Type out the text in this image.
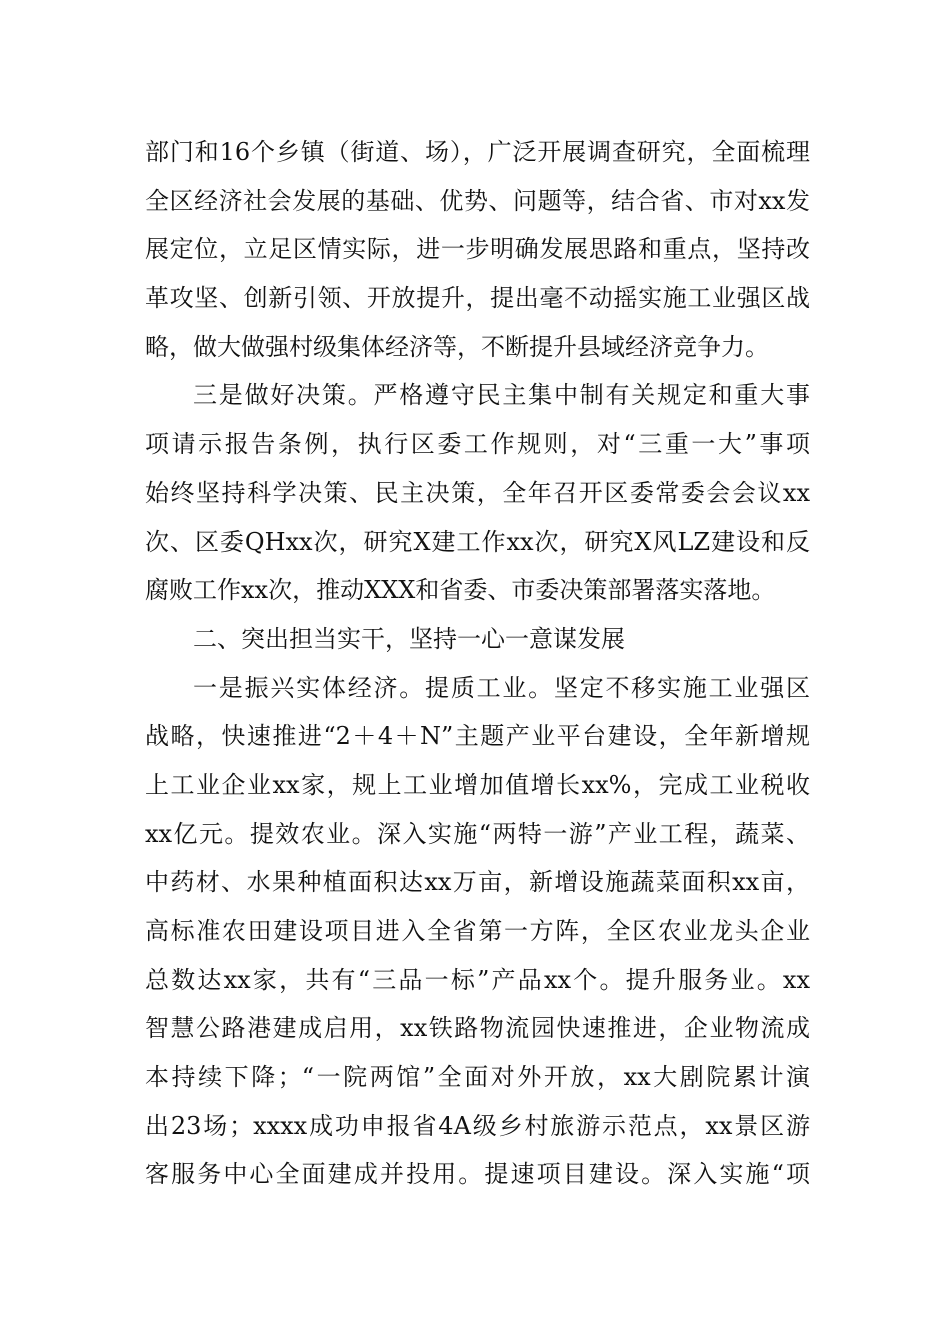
部门和16个乡镇（街道、场），广泛开展调查研究，全面梳理
全区经济社会发展的基础、优势、问题等，结合省、市对xx发
展定位，立足区情实际，进一步明确发展思路和重点，坚持改
革攻坚、创新引领、开放提升，提出毫不动摇实施工业强区战
略，做大做强村级集体经济等，不断提升县域经济竞争力。
三是做好决策。严格遵守民主集中制有关规定和重大事
项请示报告条例，执行区委工作规则，对“三重一大”事项
始终坚持科学决策、民主决策，全年召开区委常委会会议xx
次、区委QHxx次，研究X建工作xx次，研究X风LZ建设和反
腐败工作xx次，推动XXX和省委、市委决策部署落实落地。
二、突出担当实干，坚持一心一意谋发展
一是振兴实体经济。提质工业。坚定不移实施工业强区
战略，快速推进“2＋4＋N”主题产业平台建设，全年新增规
上工业企业xx家，规上工业增加值增长xx%，完成工业税收
xx亿元。提效农业。深入实施“两特一游”产业工程，蔬菜、
中药材、水果种植面积达xx万亩，新增设施蔬菜面积xx亩，
高标准农田建设项目进入全省第一方阵，全区农业龙头企业
总数达xx家，共有“三品一标”产品xx个。提升服务业。xx
智慧公路港建成启用，xx铁路物流园快速推进，企业物流成
本持续下降；“一院两馆”全面对外开放，xx大剧院累计演
出23场；xxxx成功申报省4A级乡村旅游示范点，xx景区游
客服务中心全面建成并投用。提速项目建设。深入实施“项
